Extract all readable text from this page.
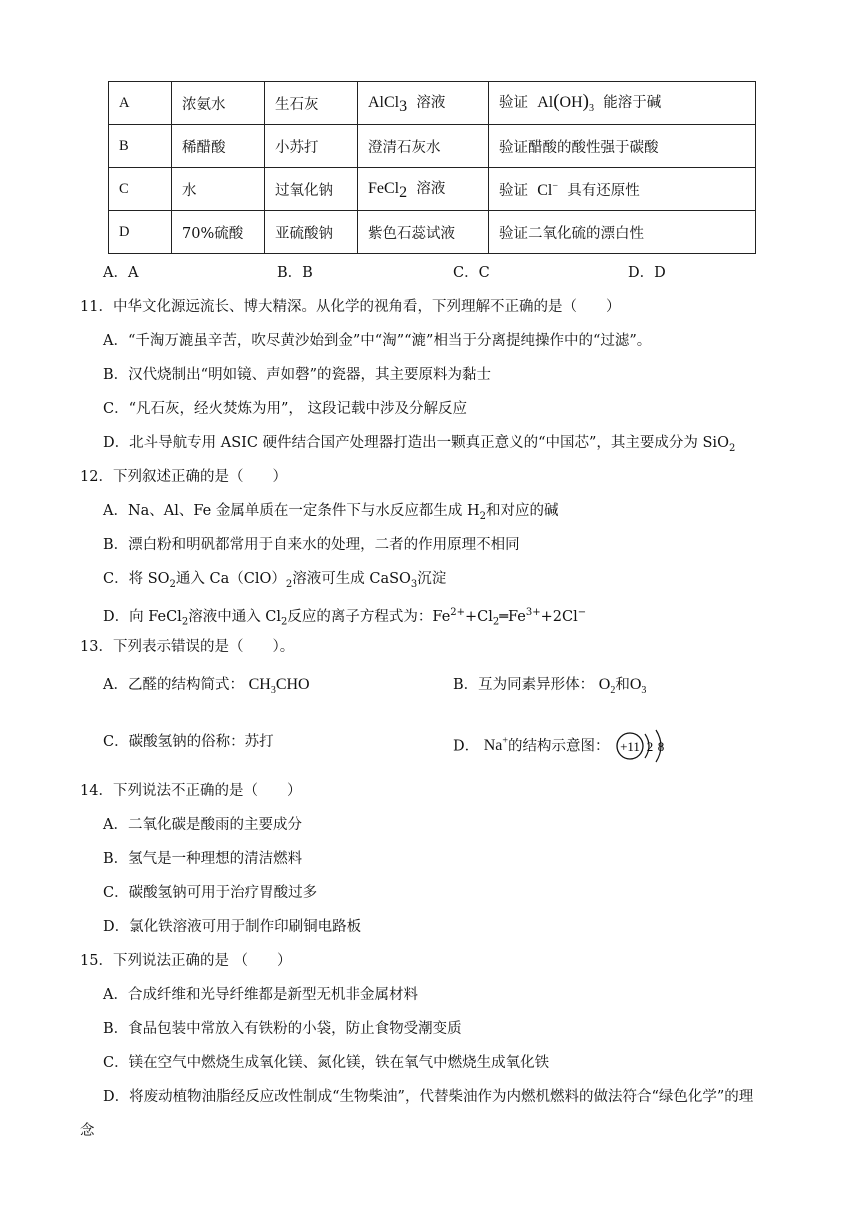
A	浓氨水	生石灰	AlCl$_3$ 溶液	验证 $Al(OH)_3$ 能溶于碱
B	稀醋酸	小苏打	澄清石灰水	验证醋酸的酸性强于碳酸
C	水	过氧化钠	FeCl$_2$ 溶液	验证 Cl− 具有还原性
D	70%硫酸	亚硫酸钠	紫色石蕊试液	验证二氧化硫的漂白性
A．A	B．B	C．C	D．D
11．中华文化源远流长、博大精深。从化学的视角看，下列理解不正确的是（　　）
A．“千淘万漉虽辛苦，吹尽黄沙始到金”中“淘”“漉”相当于分离提纯操作中的“过滤”。
B．汉代烧制出“明如镜、声如磬”的瓷器，其主要原料为黏士
C．“凡石灰，经火焚炼为用”， 这段记载中涉及分解反应
D．北斗导航专用 ASIC 硬件结合国产处理器打造出一颗真正意义的“中国芯”，其主要成分为 SiO$_2$
12．下列叙述正确的是（　　）
A．Na、Al、Fe 金属单质在一定条件下与水反应都生成 $H_2$和对应的碱
B．漂白粉和明矾都常用于自来水的处理，二者的作用原理不相同
C．将 $SO_2$通入 $Ca(ClO)_2$溶液可生成 CaSO$_3$沉淀
D．向 FeCl$_2$溶液中通入 $Cl_2$反应的离子方程式为：$Fe^{2+}+Cl_2═Fe^{3+}+2Cl^-$
13．下列表示错误的是（　　）。
A．乙醛的结构简式： $CH_3CHO$	B．互为同素异形体： $O_2$和$O_3$
C．碳酸氢钠的俗称：苏打	D． Na+的结构示意图： +11 2 8
14．下列说法不正确的是（　　）
A．二氧化碳是酸雨的主要成分
B．氢气是一种理想的清洁燃料
C．碳酸氢钠可用于治疗胃酸过多
D．氯化铁溶液可用于制作印刷铜电路板
15．下列说法正确的是 （　　）
A．合成纤维和光导纤维都是新型无机非金属材料
B．食品包装中常放入有铁粉的小袋，防止食物受潮变质
C．镁在空气中燃烧生成氧化镁、氮化镁，铁在氧气中燃烧生成氧化铁
D．将废动植物油脂经反应改性制成“生物柴油”，代替柴油作为内燃机燃料的做法符合“绿色化学”的理
念
